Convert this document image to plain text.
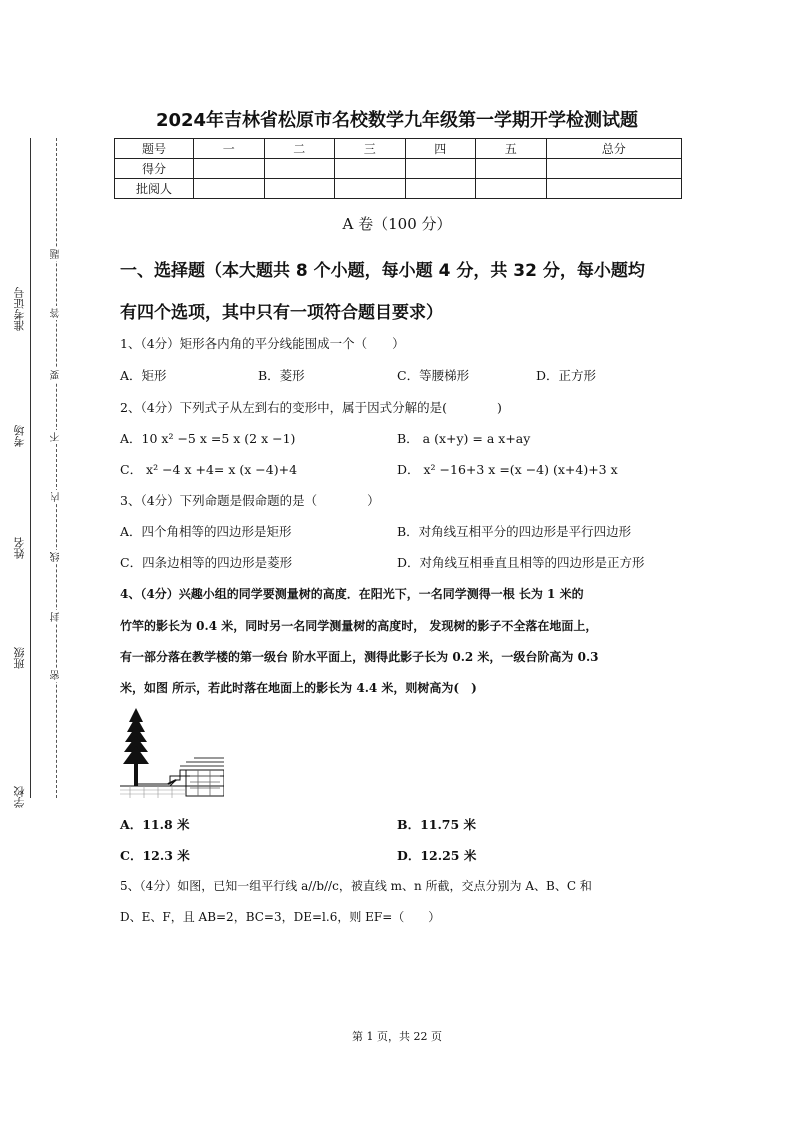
准考证号
考场
姓名
班级
学校
题
答
要
不
内
线
封
密
2024年吉林省松原市名校数学九年级第一学期开学检测试题
题号	一	二	三	四	五	总分
得分						
批阅人						
A 卷（100 分）
一、选择题（本大题共 8 个小题，每小题 4 分，共 32 分，每小题均
有四个选项，其中只有一项符合题目要求）
1、（4分）矩形各内角的平分线能围成一个（　　）
A．矩形	B．菱形	C．等腰梯形	D．正方形
2、（4分）下列式子从左到右的变形中，属于因式分解的是(　　　　)
A．10 x² −5 x =5 x (2 x −1)	B． a (x+y) = a x+ay
C． x² −4 x +4= x (x −4)+4	D． x² −16+3 x =(x −4) (x+4)+3 x
3、（4分）下列命题是假命题的是（　　　　）
A．四个角相等的四边形是矩形	B．对角线互相平分的四边形是平行四边形
C．四条边相等的四边形是菱形	D．对角线互相垂直且相等的四边形是正方形
4、（4分）兴趣小组的同学要测量树的高度．在阳光下，一名同学测得一根 长为 1 米的
竹竿的影长为 0.4 米，同时另一名同学测量树的高度时， 发现树的影子不全落在地面上，
有一部分落在教学楼的第一级台 阶水平面上，测得此影子长为 0.2 米，一级台阶高为 0.3
米，如图 所示，若此时落在地面上的影长为 4.4 米，则树高为(　)
A．11.8 米	B．11.75 米
C．12.3 米	D．12.25 米
5、（4分）如图，已知一组平行线 a//b//c，被直线 m、n 所截，交点分别为 A、B、C 和
D、E、F，且 AB=2，BC=3，DE=l.6，则 EF=（　　）
第 1 页，共 22 页
